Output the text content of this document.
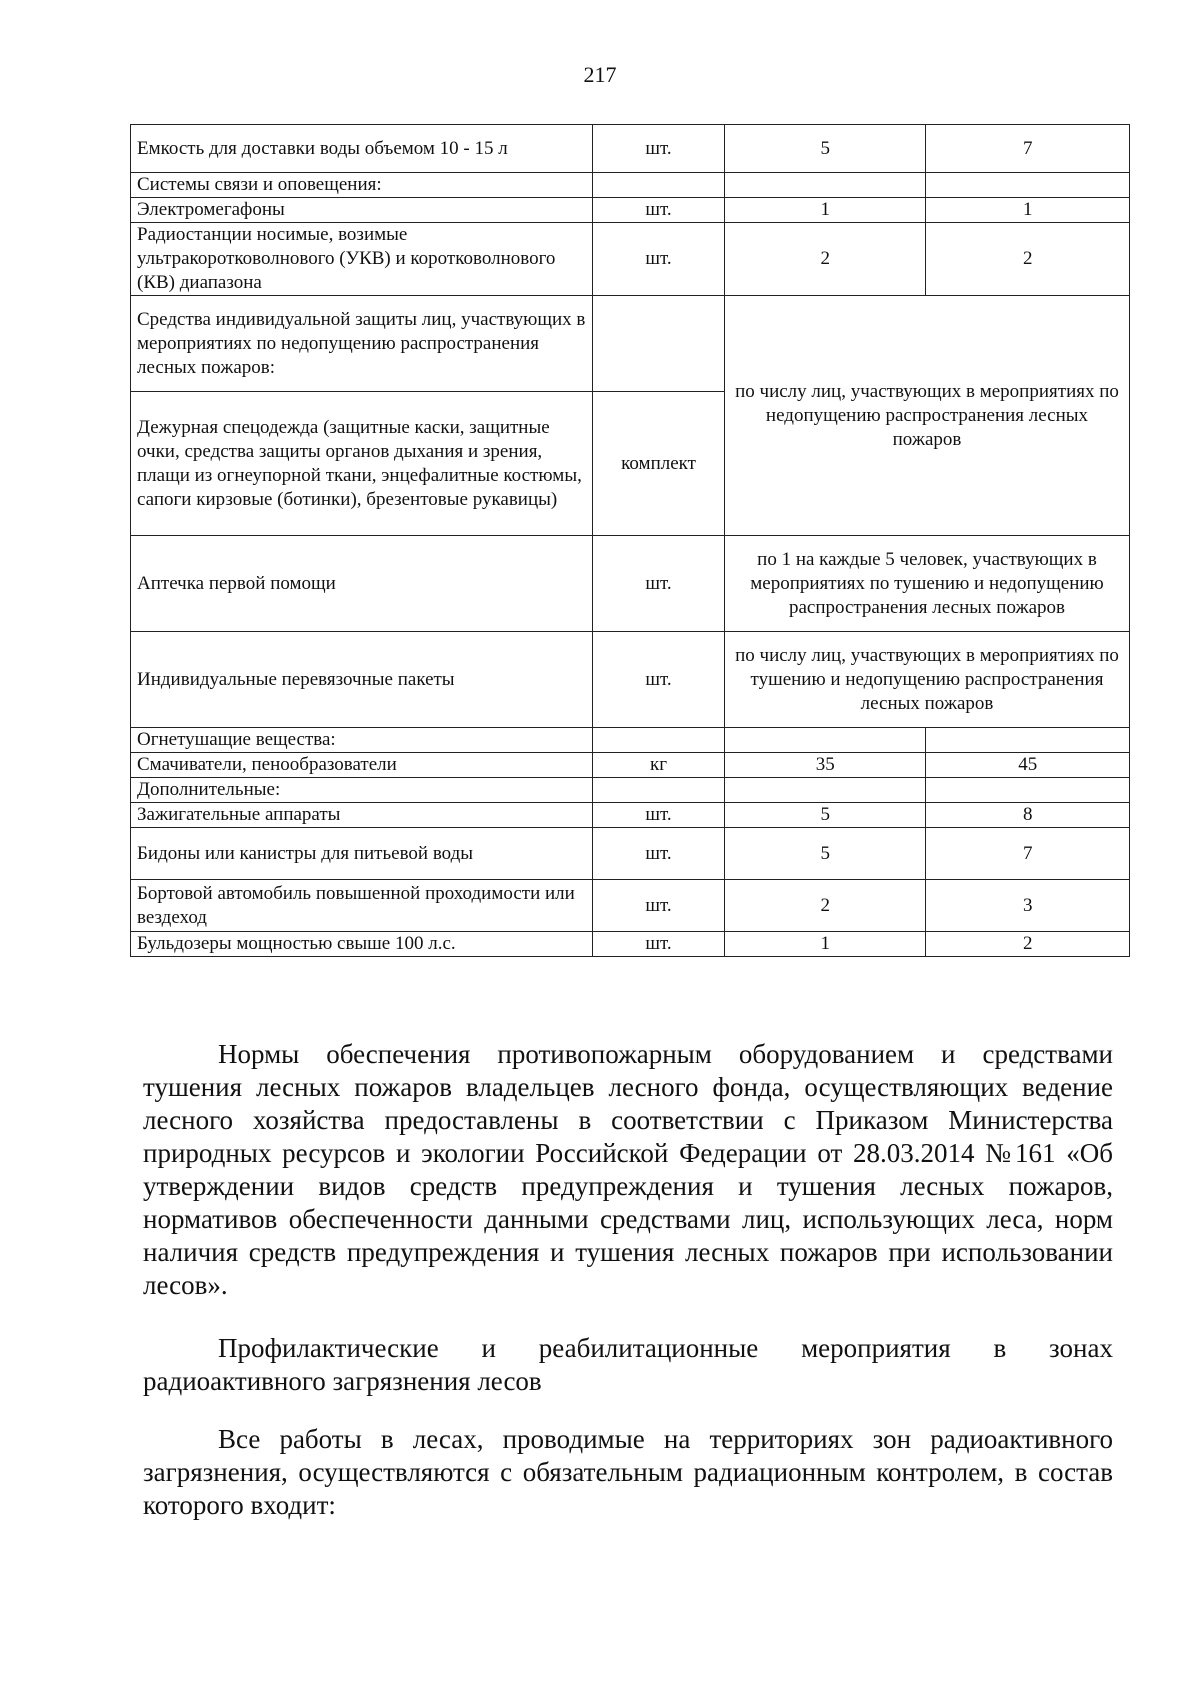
217
Емкость для доставки воды объемом 10 - 15 л	шт.	5	7
Системы связи и оповещения:			
Электромегафоны	шт.	1	1
Радиостанции носимые, возимые ультракоротковолнового (УКВ) и коротковолнового (КВ) диапазона	шт.	2	2
Средства индивидуальной защиты лиц, участвующих в мероприятиях по недопущению распространения лесных пожаров:		по числу лиц, участвующих в мероприятиях по недопущению распространения лесных пожаров	
Дежурная спецодежда (защитные каски, защитные очки, средства защиты органов дыхания и зрения, плащи из огнеупорной ткани, энцефалитные костюмы, сапоги кирзовые (ботинки), брезентовые рукавицы)	комплект		
Аптечка первой помощи	шт.	по 1 на каждые 5 человек, участвующих в мероприятиях по тушению и недопущению распространения лесных пожаров	
Индивидуальные перевязочные пакеты	шт.	по числу лиц, участвующих в мероприятиях по тушению и недопущению распространения лесных пожаров	
Огнетушащие вещества:			
Смачиватели, пенообразователи	кг	35	45
Дополнительные:			
Зажигательные аппараты	шт.	5	8
Бидоны или канистры для питьевой воды	шт.	5	7
Бортовой автомобиль повышенной проходимости или вездеход	шт.	2	3
Бульдозеры мощностью свыше 100 л.с.	шт.	1	2

Нормы обеспечения противопожарным оборудованием и средствами тушения лесных пожаров владельцев лесного фонда, осуществляющих ведение лесного хозяйства предоставлены в соответствии с Приказом Министерства природных ресурсов и экологии Российской Федерации от 28.03.2014 №161 «Об утверждении видов средств предупреждения и тушения лесных пожаров, нормативов обеспеченности данными средствами лиц, использующих леса, норм наличия средств предупреждения и тушения лесных пожаров при использовании лесов».

Профилактические и реабилитационные мероприятия в зонах

радиоактивного загрязнения лесов

Все работы в лесах, проводимые на территориях зон радиоактивного загрязнения, осуществляются с обязательным радиационным контролем, в состав которого входит:
